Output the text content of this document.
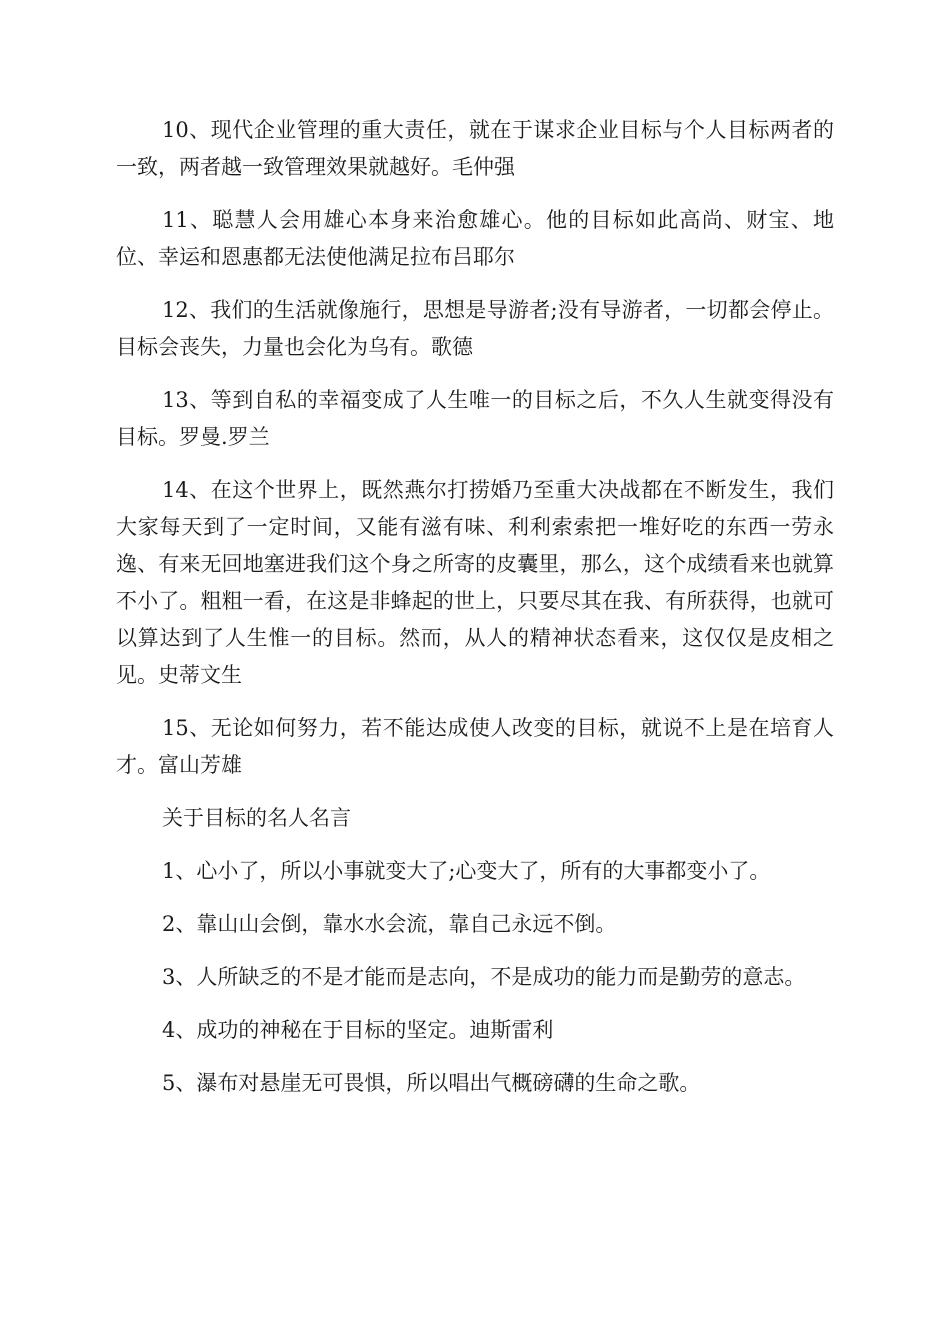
10、现代企业管理的重大责任，就在于谋求企业目标与个人目标两者的一致，两者越一致管理效果就越好。毛仲强

11、聪慧人会用雄心本身来治愈雄心。他的目标如此高尚、财宝、地位、幸运和恩惠都无法使他满足拉布吕耶尔

12、我们的生活就像施行，思想是导游者;没有导游者，一切都会停止。目标会丧失，力量也会化为乌有。歌德

13、等到自私的幸福变成了人生唯一的目标之后，不久人生就变得没有目标。罗曼.罗兰

14、在这个世界上，既然燕尔打捞婚乃至重大决战都在不断发生，我们大家每天到了一定时间，又能有滋有味、利利索索把一堆好吃的东西一劳永逸、有来无回地塞进我们这个身之所寄的皮囊里，那么，这个成绩看来也就算不小了。粗粗一看，在这是非蜂起的世上，只要尽其在我、有所获得，也就可以算达到了人生惟一的目标。然而，从人的精神状态看来，这仅仅是皮相之见。史蒂文生

15、无论如何努力，若不能达成使人改变的目标，就说不上是在培育人才。富山芳雄

关于目标的名人名言

1、心小了，所以小事就变大了;心变大了，所有的大事都变小了。

2、靠山山会倒，靠水水会流，靠自己永远不倒。

3、人所缺乏的不是才能而是志向，不是成功的能力而是勤劳的意志。

4、成功的神秘在于目标的坚定。迪斯雷利

5、瀑布对悬崖无可畏惧，所以唱出气概磅礴的生命之歌。
